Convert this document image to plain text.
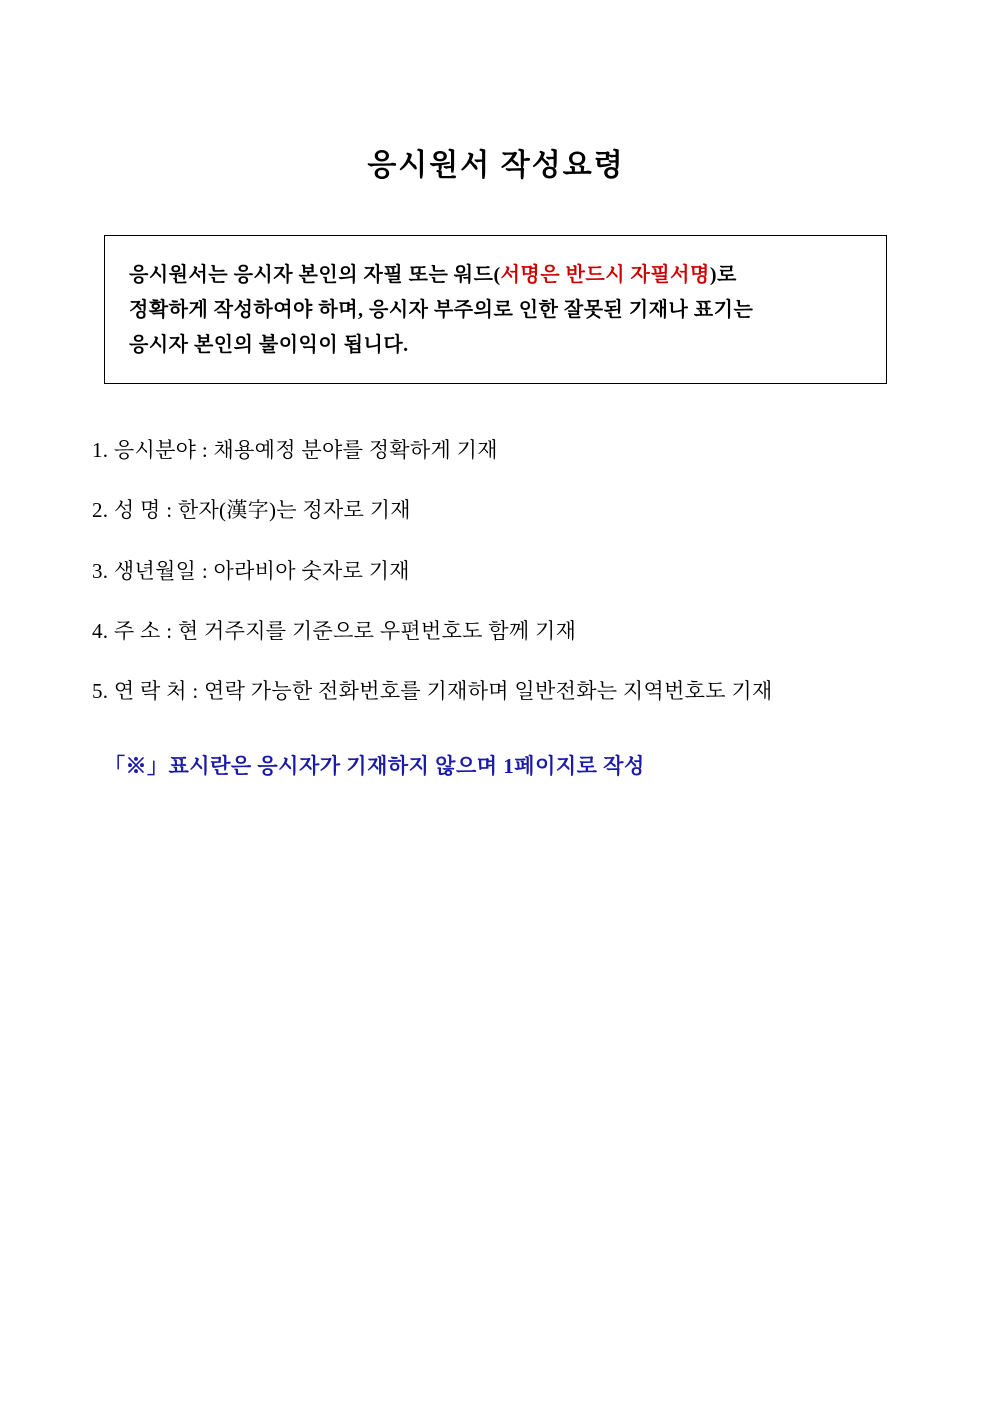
응시원서 작성요령
응시원서는 응시자 본인의 자필 또는 워드(서명은 반드시 자필서명)로
정확하게 작성하여야 하며, 응시자 부주의로 인한 잘못된 기재나 표기는
응시자 본인의 불이익이 됩니다.
1. 응시분야 : 채용예정 분야를 정확하게 기재
2. 성 명 : 한자(漢字)는 정자로 기재
3. 생년월일 : 아라비아 숫자로 기재
4. 주 소 : 현 거주지를 기준으로 우편번호도 함께 기재
5. 연 락 처 : 연락 가능한 전화번호를 기재하며 일반전화는 지역번호도 기재
「※」표시란은 응시자가 기재하지 않으며 1페이지로 작성
